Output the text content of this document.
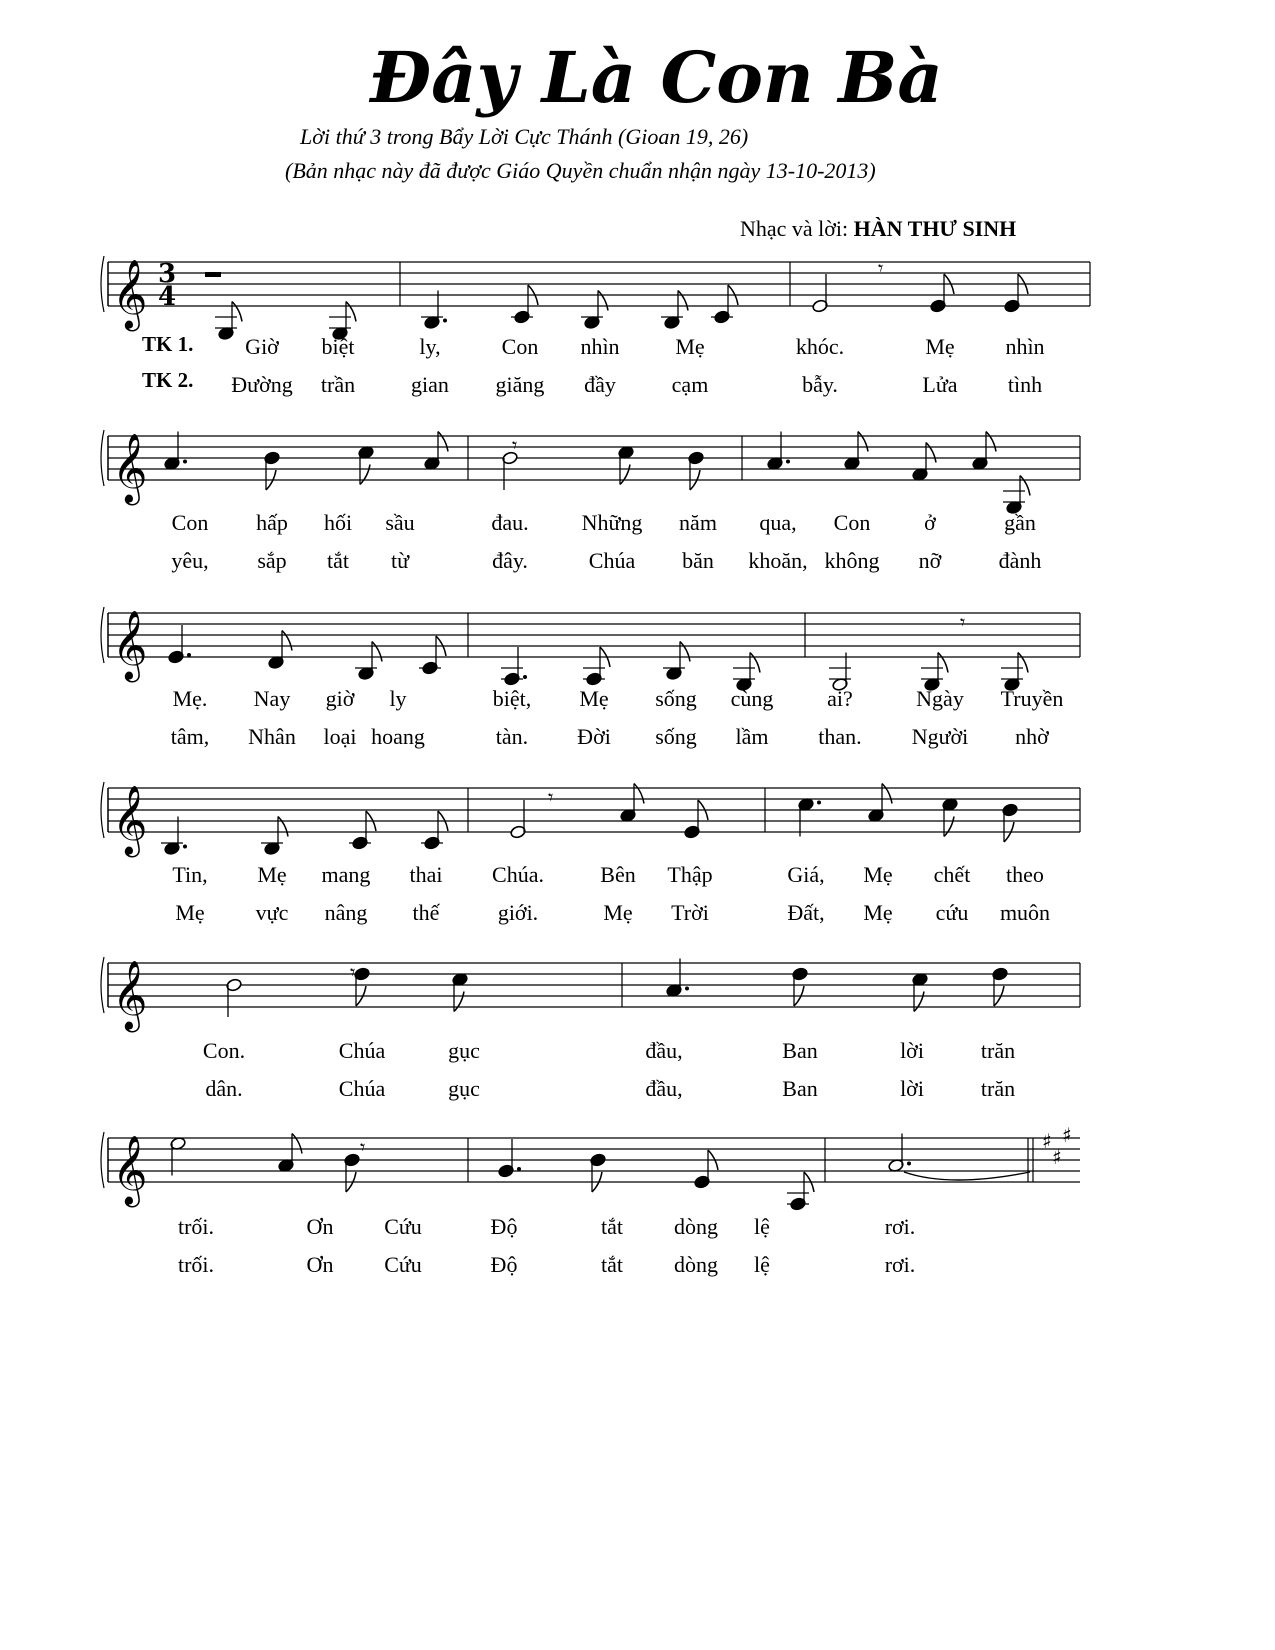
Đây Là Con Bà
Lời thứ 3 trong Bẩy Lời Cực Thánh (Gioan 19, 26)
(Bản nhạc này đã được Giáo Quyền chuẩn nhận ngày 13-10-2013)
Nhạc và lời: HÀN THƯ SINH
TK 1.
TK 2.
𝄞
𝄞
𝄞
𝄞
𝄞
𝄞
3
4
♯
♯
♯
𝄾
𝄾
𝄾
𝄾
𝄾
𝄾
Giờ biệt	ly,	Con nhìn	Mẹ	khóc.	Mẹ nhìn
Đường trần	gian giăng đầy	cạm	bẫy.	Lửa tình
Con hấp hối sầu	đau. Những năm qua, Con ở	gần
yêu, sắp tắt từ	đây.	Chúa băn khoăn, không nỡ	đành
Mẹ. Nay giờ ly	biệt, Mẹ sống cùng ai?	Ngày Truyền
tâm, Nhân loại hoang	tàn. Đời sống lầm than. Người nhờ
Tin, Mẹ mang thai Chúa.	Bên Thập	Giá, Mẹ chết theo
Mẹ vực nâng thế	giới.	Mẹ Trời	Đất, Mẹ cứu muôn
Con.	Chúa	gục	đầu,	Ban	lời	trăn
dân.	Chúa	gục	đầu,	Ban	lời	trăn
trối.	Ơn Cứu	Độ	tắt dòng lệ	rơi.
trối.	Ơn Cứu	Độ	tắt dòng lệ	rơi.
